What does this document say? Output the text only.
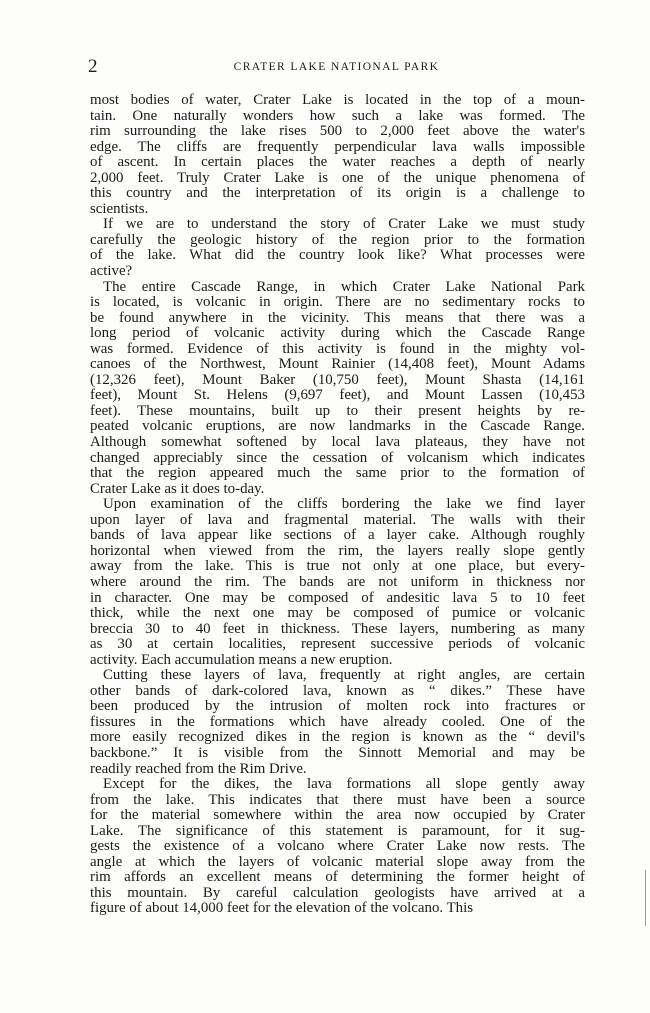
2	CRATER LAKE NATIONAL PARK

most bodies of water, Crater Lake is located in the top of a moun-
tain. One naturally wonders how such a lake was formed. The
rim surrounding the lake rises 500 to 2,000 feet above the water's
edge. The cliffs are frequently perpendicular lava walls impossible
of ascent. In certain places the water reaches a depth of nearly
2,000 feet. Truly Crater Lake is one of the unique phenomena of
this country and the interpretation of its origin is a challenge to
scientists.

If we are to understand the story of Crater Lake we must study
carefully the geologic history of the region prior to the formation
of the lake. What did the country look like? What processes were
active?

The entire Cascade Range, in which Crater Lake National Park
is located, is volcanic in origin. There are no sedimentary rocks to
be found anywhere in the vicinity. This means that there was a
long period of volcanic activity during which the Cascade Range
was formed. Evidence of this activity is found in the mighty vol-
canoes of the Northwest, Mount Rainier (14,408 feet), Mount Adams
(12,326 feet), Mount Baker (10,750 feet), Mount Shasta (14,161
feet), Mount St. Helens (9,697 feet), and Mount Lassen (10,453
feet). These mountains, built up to their present heights by re-
peated volcanic eruptions, are now landmarks in the Cascade Range.
Although somewhat softened by local lava plateaus, they have not
changed appreciably since the cessation of volcanism which indicates
that the region appeared much the same prior to the formation of
Crater Lake as it does to-day.

Upon examination of the cliffs bordering the lake we find layer
upon layer of lava and fragmental material. The walls with their
bands of lava appear like sections of a layer cake. Although roughly
horizontal when viewed from the rim, the layers really slope gently
away from the lake. This is true not only at one place, but every-
where around the rim. The bands are not uniform in thickness nor
in character. One may be composed of andesitic lava 5 to 10 feet
thick, while the next one may be composed of pumice or volcanic
breccia 30 to 40 feet in thickness. These layers, numbering as many
as 30 at certain localities, represent successive periods of volcanic
activity. Each accumulation means a new eruption.

Cutting these layers of lava, frequently at right angles, are certain
other bands of dark-colored lava, known as “ dikes.” These have
been produced by the intrusion of molten rock into fractures or
fissures in the formations which have already cooled. One of the
more easily recognized dikes in the region is known as the “ devil's
backbone.” It is visible from the Sinnott Memorial and may be
readily reached from the Rim Drive.

Except for the dikes, the lava formations all slope gently away
from the lake. This indicates that there must have been a source
for the material somewhere within the area now occupied by Crater
Lake. The significance of this statement is paramount, for it sug-
gests the existence of a volcano where Crater Lake now rests. The
angle at which the layers of volcanic material slope away from the
rim affords an excellent means of determining the former height of
this mountain. By careful calculation geologists have arrived at a
figure of about 14,000 feet for the elevation of the volcano. This
